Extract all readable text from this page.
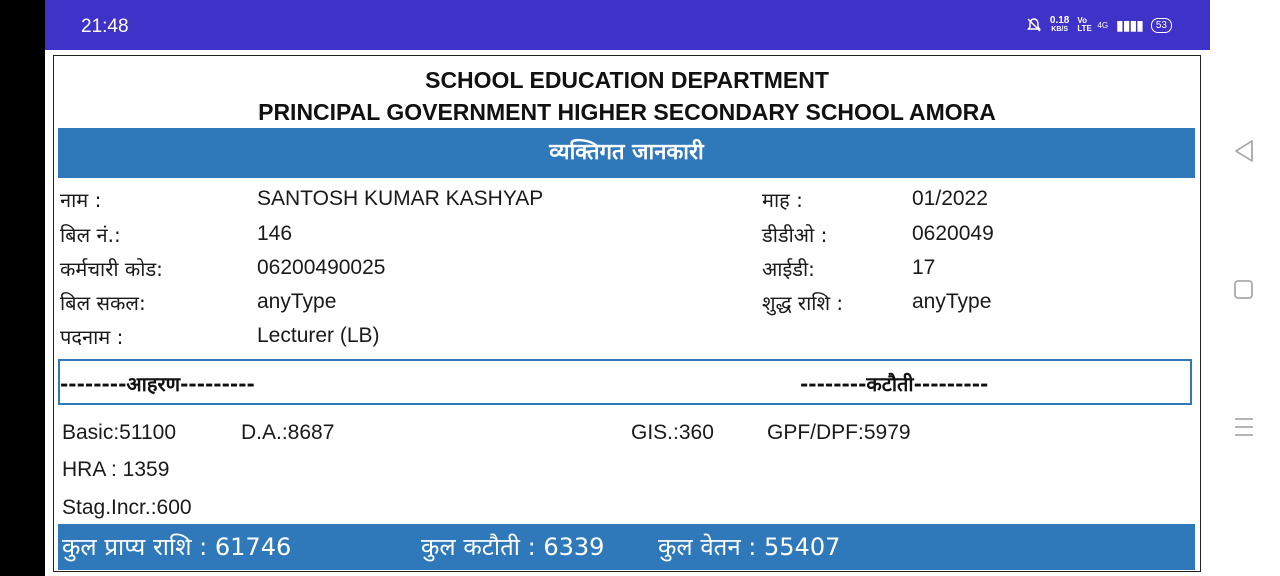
21:48	0.18
KB/S
Vo LTE 4G ▮▮▮▮	53
SCHOOL EDUCATION DEPARTMENT
PRINCIPAL GOVERNMENT HIGHER SECONDARY SCHOOL AMORA
व्यक्तिगत जानकारी
नाम :	SANTOSH KUMAR KASHYAP	माह :	01/2022
बिल नं.:	146	डीडीओ :	0620049
कर्मचारी कोड:	06200490025	आईडी:	17
बिल सकल:	anyType	शुद्ध राशि :	anyType
पदनाम :	Lecturer (LB)
--------आहरण---------	--------कटौती---------
Basic:51100	D.A.:8687	GIS.:360	GPF/DPF:5979
HRA : 1359
Stag.Incr.:600
कुल प्राप्य राशि : 61746	कुल कटौती : 6339 कुल वेतन : 55407
